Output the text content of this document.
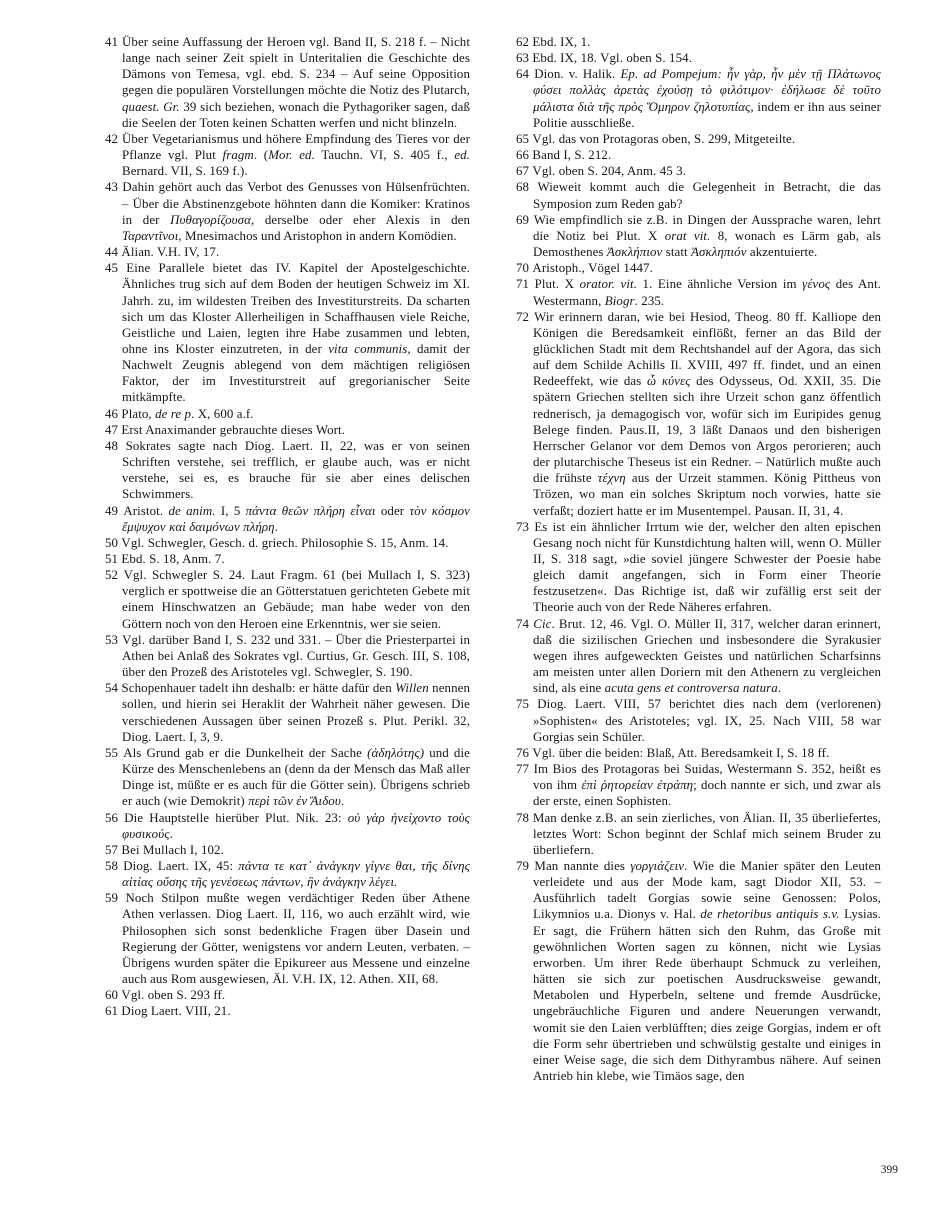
41 Über seine Auffassung der Heroen vgl. Band II, S. 218 f. – Nicht lange nach seiner Zeit spielt in Unteritalien die Geschichte des Dämons von Temesa, vgl. ebd. S. 234 – Auf seine Opposition gegen die populären Vorstellungen möchte die Notiz des Plutarch, quaest. Gr. 39 sich beziehen, wonach die Pythagoriker sagen, daß die Seelen der Toten keinen Schatten werfen und nicht blinzeln.
42 Über Vegetarianismus und höhere Empfindung des Tieres vor der Pflanze vgl. Plut fragm. (Mor. ed. Tauchn. VI, S. 405 f., ed. Bernard. VII, S. 169 f.).
43 Dahin gehört auch das Verbot des Genusses von Hülsenfrüchten. – Über die Abstinenzgebote höhnten dann die Komiker: Kratinos in der Πυθαγορίζουσα, derselbe oder eher Alexis in den Ταραντῖνοι, Mnesimachos und Aristophon in andern Komödien.
44 Älian. V.H. IV, 17.
45 Eine Parallele bietet das IV. Kapitel der Apostelgeschichte. Ähnliches trug sich auf dem Boden der heutigen Schweiz im XI. Jahrh. zu, im wildesten Treiben des Investiturstreits. Da scharten sich um das Kloster Allerheiligen in Schaffhausen viele Reiche, Geistliche und Laien, legten ihre Habe zusammen und lebten, ohne ins Kloster einzutreten, in der vita communis, damit der Nachwelt Zeugnis ablegend von dem mächtigen religiösen Faktor, der im Investiturstreit auf gregorianischer Seite mitkämpfte.
46 Plato, de re p. X, 600 a.f.
47 Erst Anaximander gebrauchte dieses Wort.
48 Sokrates sagte nach Diog. Laert. II, 22, was er von seinen Schriften verstehe, sei trefflich, er glaube auch, was er nicht verstehe, sei es, es brauche für sie aber eines delischen Schwimmers.
49 Aristot. de anim. I, 5 πάντα θεῶν πλήρη εἶναι oder τὸν κόσμον ἔμψυχον καὶ δαιμόνων πλήρη.
50 Vgl. Schwegler, Gesch. d. griech. Philosophie S. 15, Anm. 14.
51 Ebd. S. 18, Anm. 7.
52 Vgl. Schwegler S. 24. Laut Fragm. 61 (bei Mullach I, S. 323) verglich er spottweise die an Götterstatuen gerichteten Gebete mit einem Hinschwatzen an Gebäude; man habe weder von den Göttern noch von den Heroen eine Erkenntnis, wer sie seien.
53 Vgl. darüber Band I, S. 232 und 331. – Über die Priesterpartei in Athen bei Anlaß des Sokrates vgl. Curtius, Gr. Gesch. III, S. 108, über den Prozeß des Aristoteles vgl. Schwegler, S. 190.
54 Schopenhauer tadelt ihn deshalb: er hätte dafür den Willen nennen sollen, und hierin sei Heraklit der Wahrheit näher gewesen. Die verschiedenen Aussagen über seinen Prozeß s. Plut. Perikl. 32, Diog. Laert. I, 3, 9.
55 Als Grund gab er die Dunkelheit der Sache (ἀδηλότης) und die Kürze des Menschenlebens an (denn da der Mensch das Maß aller Dinge ist, müßte er es auch für die Götter sein). Übrigens schrieb er auch (wie Demokrit) περὶ τῶν ἐν Ἅιδου.
56 Die Hauptstelle hierüber Plut. Nik. 23: οὐ γὰρ ἠνείχοντο τοὺς φυσικούς.
57 Bei Mullach I, 102.
58 Diog. Laert. IX, 45: πάντα τε κατ᾽ ἀνάγκην γίγνε θαι, τῆς δίνης αἰτίας οὔσης τῆς γενέσεως πάντων, ἣν ἀνάγκην λέγει.
59 Noch Stilpon mußte wegen verdächtiger Reden über Athene Athen verlassen. Diog Laert. II, 116, wo auch erzählt wird, wie Philosophen sich sonst bedenkliche Fragen über Dasein und Regierung der Götter, wenigstens vor andern Leuten, verbaten. – Übrigens wurden später die Epikureer aus Messene und einzelne auch aus Rom ausgewiesen, Äl. V.H. IX, 12. Athen. XII, 68.
60 Vgl. oben S. 293 ff.
61 Diog Laert. VIII, 21.
62 Ebd. IX, 1.
63 Ebd. IX, 18. Vgl. oben S. 154.
64 Dion. v. Halik. Ep. ad Pompejum: ἦν γὰρ, ἦν μὲν τῇ Πλάτωνος φύσει πολλὰς ἀρετὰς ἐχούσῃ τὸ φιλότιμον· ἐδήλωσε δὲ τοῦτο μάλιστα διὰ τῆς πρὸς Ὅμηρον ζηλοτυπίας, indem er ihn aus seiner Politie ausschließe.
65 Vgl. das von Protagoras oben, S. 299, Mitgeteilte.
66 Band I, S. 212.
67 Vgl. oben S. 204, Anm. 45 3.
68 Wieweit kommt auch die Gelegenheit in Betracht, die das Symposion zum Reden gab?
69 Wie empfindlich sie z.B. in Dingen der Aussprache waren, lehrt die Notiz bei Plut. X orat vit. 8, wonach es Lärm gab, als Demosthenes Ἀσκλήπιον statt Ἀσκληπιόν akzentuierte.
70 Aristoph., Vögel 1447.
71 Plut. X orator. vit. 1. Eine ähnliche Version im γένος des Ant. Westermann, Biogr. 235.
72 Wir erinnern daran, wie bei Hesiod, Theog. 80 ff. Kalliope den Königen die Beredsamkeit einflößt, ferner an das Bild der glücklichen Stadt mit dem Rechtshandel auf der Agora, das sich auf dem Schilde Achills Il. XVIII, 497 ff. findet, und an einen Redeeffekt, wie das ὦ κύνες des Odysseus, Od. XXII, 35. Die spätern Griechen stellten sich ihre Urzeit schon ganz öffentlich rednerisch, ja demagogisch vor, wofür sich im Euripides genug Belege finden. Paus.II, 19, 3 läßt Danaos und den bisherigen Herrscher Gelanor vor dem Demos von Argos perorieren; auch der plutarchische Theseus ist ein Redner. – Natürlich mußte auch die frühste τέχνη aus der Urzeit stammen. König Pittheus von Trözen, wo man ein solches Skriptum noch vorwies, hatte sie verfaßt; doziert hatte er im Musentempel. Pausan. II, 31, 4.
73 Es ist ein ähnlicher Irrtum wie der, welcher den alten epischen Gesang noch nicht für Kunstdichtung halten will, wenn O. Müller II, S. 318 sagt, »die soviel jüngere Schwester der Poesie habe gleich damit angefangen, sich in Form einer Theorie festzusetzen«. Das Richtige ist, daß wir zufällig erst seit der Theorie auch von der Rede Näheres erfahren.
74 Cic. Brut. 12, 46. Vgl. O. Müller II, 317, welcher daran erinnert, daß die sizilischen Griechen und insbesondere die Syrakusier wegen ihres aufgeweckten Geistes und natürlichen Scharfsinns am meisten unter allen Doriern mit den Athenern zu vergleichen sind, als eine acuta gens et controversa natura.
75 Diog. Laert. VIII, 57 berichtet dies nach dem (verlorenen) »Sophisten« des Aristoteles; vgl. IX, 25. Nach VIII, 58 war Gorgias sein Schüler.
76 Vgl. über die beiden: Blaß, Att. Beredsamkeit I, S. 18 ff.
77 Im Bios des Protagoras bei Suidas, Westermann S. 352, heißt es von ihm ἐπὶ ῥητορείαν ἐτράπη; doch nannte er sich, und zwar als der erste, einen Sophisten.
78 Man denke z.B. an sein zierliches, von Älian. II, 35 überliefertes, letztes Wort: Schon beginnt der Schlaf mich seinem Bruder zu überliefern.
79 Man nannte dies γοργιάζειν. Wie die Manier später den Leuten verleidete und aus der Mode kam, sagt Diodor XII, 53. – Ausführlich tadelt Gorgias sowie seine Genossen: Polos, Likymnios u.a. Dionys v. Hal. de rhetoribus antiquis s.v. Lysias. Er sagt, die Frühern hätten sich den Ruhm, das Große mit gewöhnlichen Worten sagen zu können, nicht wie Lysias erworben. Um ihrer Rede überhaupt Schmuck zu verleihen, hätten sie sich zur poetischen Ausdrucksweise gewandt, Metabolen und Hyperbeln, seltene und fremde Ausdrücke, ungebräuchliche Figuren und andere Neuerungen verwandt, womit sie den Laien verblüfften; dies zeige Gorgias, indem er oft die Form sehr übertrieben und schwülstig gestalte und einiges in einer Weise sage, die sich dem Dithyrambus nähere. Auf seinen Antrieb hin klebe, wie Timäos sage, den
399
